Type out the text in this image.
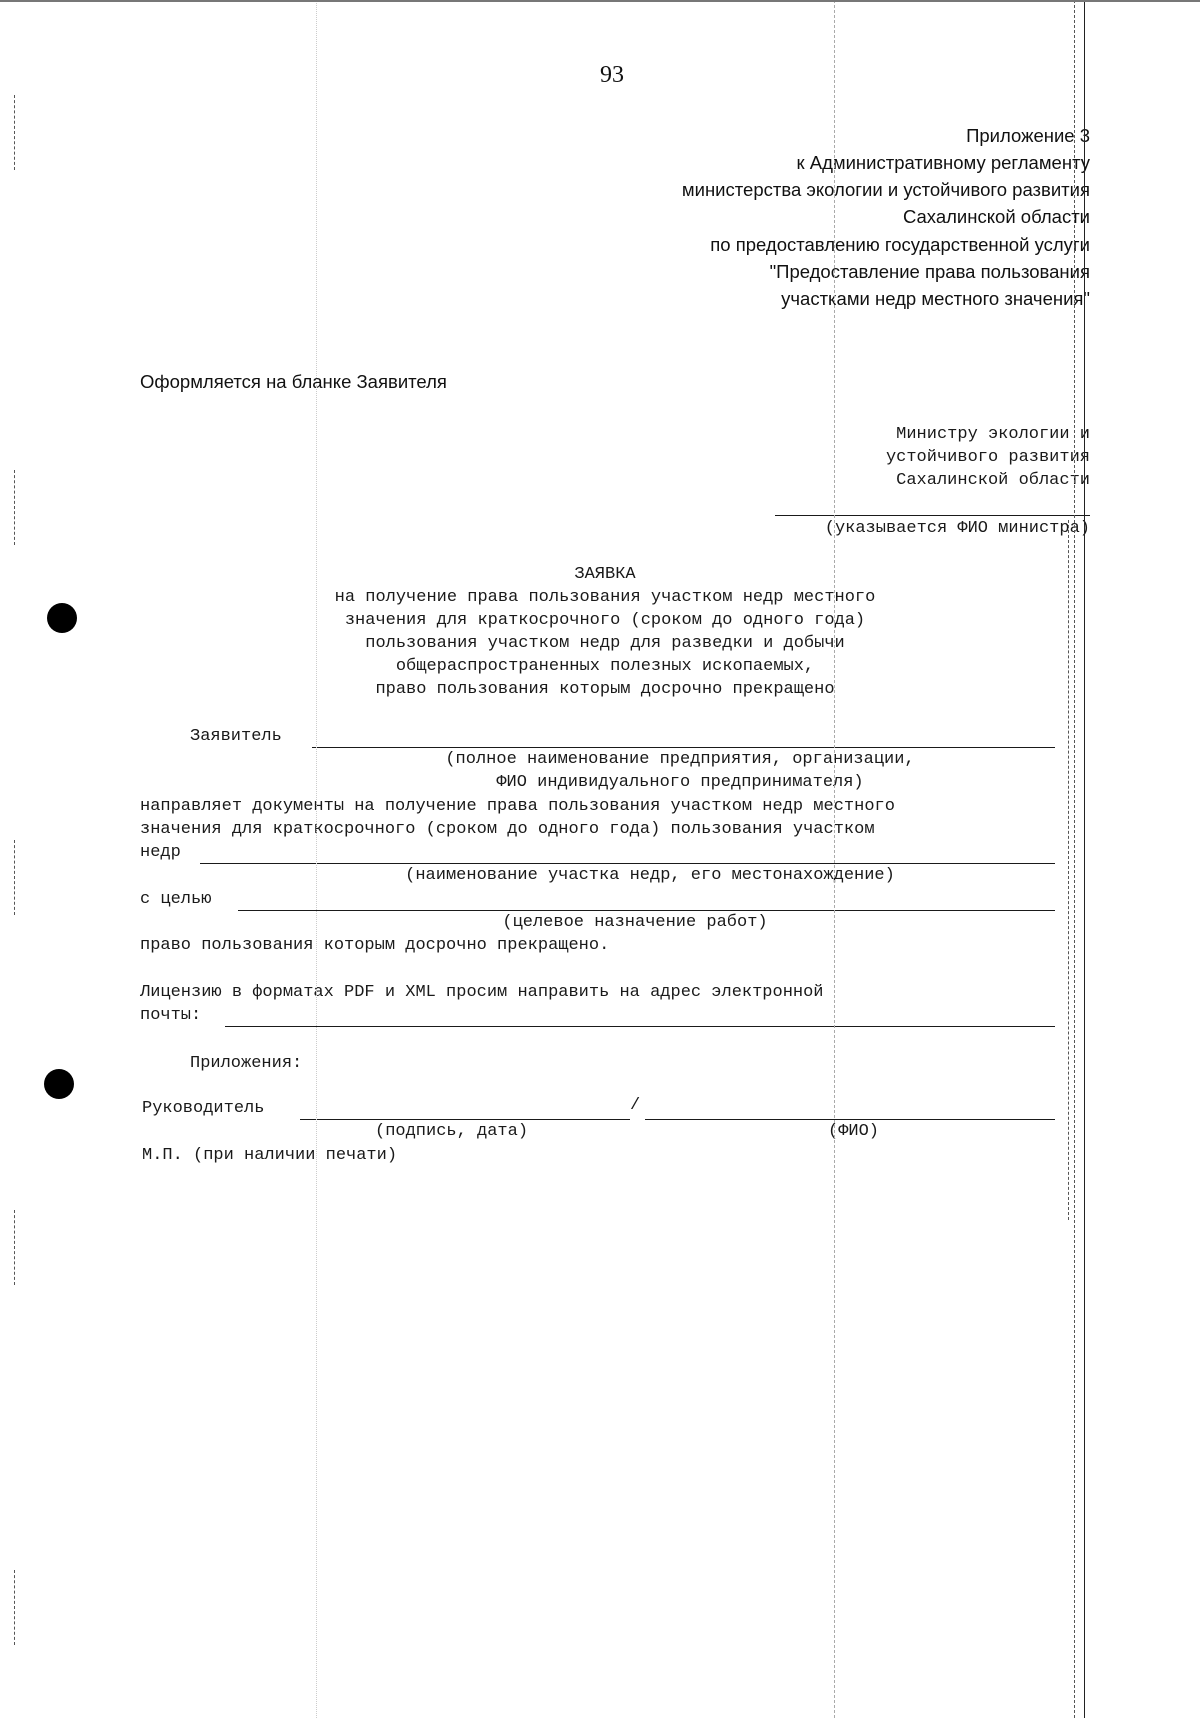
93
Приложение 3
к Административному регламенту
министерства экологии и устойчивого развития
Сахалинской области
по предоставлению государственной услуги
"Предоставление права пользования
участками недр местного значения"
Оформляется на бланке Заявителя
Министру экологии и
устойчивого развития
Сахалинской области
(указывается ФИО министра)
ЗАЯВКА
на получение права пользования участком недр местного
значения для краткосрочного (сроком до одного года)
пользования участком недр для разведки и добычи
общераспространенных полезных ископаемых,
право пользования которым досрочно прекращено
Заявитель
(полное наименование предприятия, организации,
ФИО индивидуального предпринимателя)
направляет документы на получение права пользования участком недр местного
значения для краткосрочного (сроком до одного года) пользования участком
недр
(наименование участка недр, его местонахождение)
с целью
(целевое назначение работ)
право пользования которым досрочно прекращено.
Лицензию в форматах PDF и XML просим направить на адрес электронной
почты:
Приложения:
Руководитель	/
(подпись, дата)	(ФИО)
М.П. (при наличии печати)
